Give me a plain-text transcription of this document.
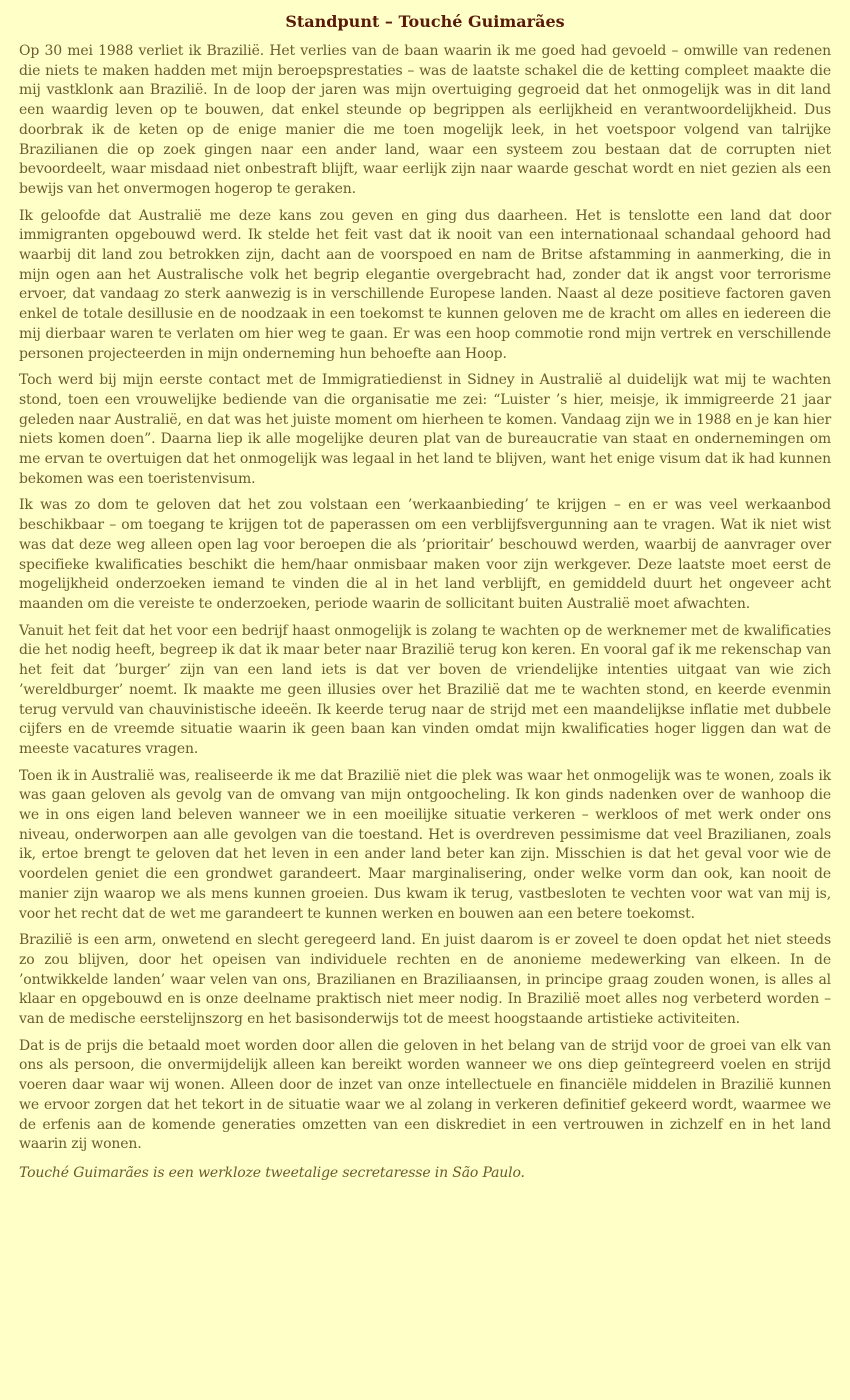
Standpunt – Touché Guimarães

Op 30 mei 1988 verliet ik Brazilië. Het verlies van de baan waarin ik me goed had gevoeld – omwille van redenen die niets te maken hadden met mijn beroepsprestaties – was de laatste schakel die de ketting compleet maakte die mij vastklonk aan Brazilië. In de loop der jaren was mijn overtuiging gegroeid dat het onmogelijk was in dit land een waardig leven op te bouwen, dat enkel steunde op begrippen als eerlijkheid en verantwoordelijkheid. Dus doorbrak ik de keten op de enige manier die me toen mogelijk leek, in het voetspoor volgend van talrijke Brazilianen die op zoek gingen naar een ander land, waar een systeem zou bestaan dat de corrupten niet bevoordeelt, waar misdaad niet onbestraft blijft, waar eerlijk zijn naar waarde geschat wordt en niet gezien als een bewijs van het onvermogen hogerop te geraken.

Ik geloofde dat Australië me deze kans zou geven en ging dus daarheen. Het is tenslotte een land dat door immigranten opgebouwd werd. Ik stelde het feit vast dat ik nooit van een internationaal schandaal gehoord had waarbij dit land zou betrokken zijn, dacht aan de voorspoed en nam de Britse afstamming in aanmerking, die in mijn ogen aan het Australische volk het begrip elegantie overgebracht had, zonder dat ik angst voor terrorisme ervoer, dat vandaag zo sterk aanwezig is in verschillende Europese landen. Naast al deze positieve factoren gaven enkel de totale desillusie en de noodzaak in een toekomst te kunnen geloven me de kracht om alles en iedereen die mij dierbaar waren te verlaten om hier weg te gaan. Er was een hoop commotie rond mijn vertrek en verschillende personen projecteerden in mijn onderneming hun behoefte aan Hoop.

Toch werd bij mijn eerste contact met de Immigratiedienst in Sidney in Australië al duidelijk wat mij te wachten stond, toen een vrouwelijke bediende van die organisatie me zei: “Luister ’s hier, meisje, ik immigreerde 21 jaar geleden naar Australië, en dat was het juiste moment om hierheen te komen. Vandaag zijn we in 1988 en je kan hier niets komen doen”. Daarna liep ik alle mogelijke deuren plat van de bureaucratie van staat en ondernemingen om me ervan te overtuigen dat het onmogelijk was legaal in het land te blijven, want het enige visum dat ik had kunnen bekomen was een toeristenvisum.

Ik was zo dom te geloven dat het zou volstaan een ’werkaanbieding’ te krijgen – en er was veel werkaanbod beschikbaar – om toegang te krijgen tot de paperassen om een verblijfsvergunning aan te vragen. Wat ik niet wist was dat deze weg alleen open lag voor beroepen die als ’prioritair’ beschouwd werden, waarbij de aanvrager over specifieke kwalificaties beschikt die hem/haar onmisbaar maken voor zijn werkgever. Deze laatste moet eerst de mogelijkheid onderzoeken iemand te vinden die al in het land verblijft, en gemiddeld duurt het ongeveer acht maanden om die vereiste te onderzoeken, periode waarin de sollicitant buiten Australië moet afwachten.

Vanuit het feit dat het voor een bedrijf haast onmogelijk is zolang te wachten op de werknemer met de kwalificaties die het nodig heeft, begreep ik dat ik maar beter naar Brazilië terug kon keren. En vooral gaf ik me rekenschap van het feit dat ’burger’ zijn van een land iets is dat ver boven de vriendelijke intenties uitgaat van wie zich ’wereldburger’ noemt. Ik maakte me geen illusies over het Brazilië dat me te wachten stond, en keerde evenmin terug vervuld van chauvinistische ideeën. Ik keerde terug naar de strijd met een maandelijkse inflatie met dubbele cijfers en de vreemde situatie waarin ik geen baan kan vinden omdat mijn kwalificaties hoger liggen dan wat de meeste vacatures vragen.

Toen ik in Australië was, realiseerde ik me dat Brazilië niet die plek was waar het onmogelijk was te wonen, zoals ik was gaan geloven als gevolg van de omvang van mijn ontgoocheling. Ik kon ginds nadenken over de wanhoop die we in ons eigen land beleven wanneer we in een moeilijke situatie verkeren – werkloos of met werk onder ons niveau, onderworpen aan alle gevolgen van die toestand. Het is overdreven pessimisme dat veel Brazilianen, zoals ik, ertoe brengt te geloven dat het leven in een ander land beter kan zijn. Misschien is dat het geval voor wie de voordelen geniet die een grondwet garandeert. Maar marginalisering, onder welke vorm dan ook, kan nooit de manier zijn waarop we als mens kunnen groeien. Dus kwam ik terug, vastbesloten te vechten voor wat van mij is, voor het recht dat de wet me garandeert te kunnen werken en bouwen aan een betere toekomst.

Brazilië is een arm, onwetend en slecht geregeerd land. En juist daarom is er zoveel te doen opdat het niet steeds zo zou blijven, door het opeisen van individuele rechten en de anonieme medewerking van elkeen. In de ’ontwikkelde landen’ waar velen van ons, Brazilianen en Braziliaansen, in principe graag zouden wonen, is alles al klaar en opgebouwd en is onze deelname praktisch niet meer nodig. In Brazilië moet alles nog verbeterd worden – van de medische eerstelijnszorg en het basisonderwijs tot de meest hoogstaande artistieke activiteiten.

Dat is de prijs die betaald moet worden door allen die geloven in het belang van de strijd voor de groei van elk van ons als persoon, die onvermijdelijk alleen kan bereikt worden wanneer we ons diep geïntegreerd voelen en strijd voeren daar waar wij wonen. Alleen door de inzet van onze intellectuele en financiële middelen in Brazilië kunnen we ervoor zorgen dat het tekort in de situatie waar we al zolang in verkeren definitief gekeerd wordt, waarmee we de erfenis aan de komende generaties omzetten van een diskrediet in een vertrouwen in zichzelf en in het land waarin zij wonen.

Touché Guimarães is een werkloze tweetalige secretaresse in São Paulo.
